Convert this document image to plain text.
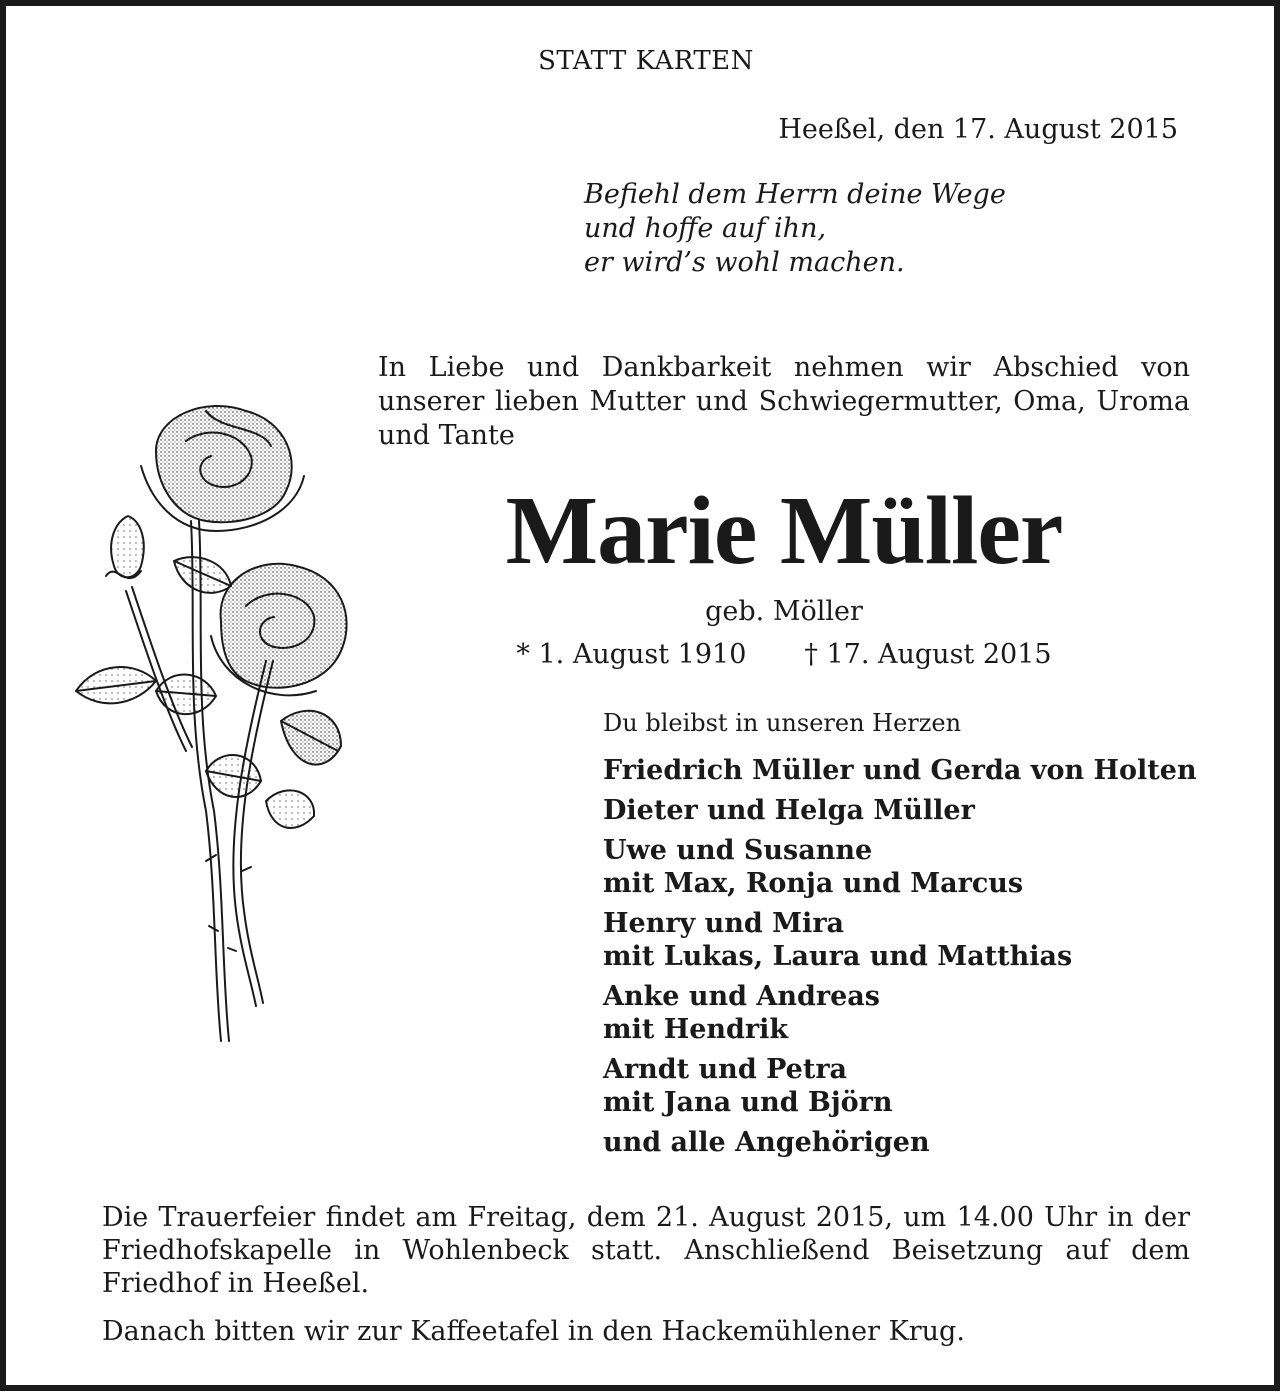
STATT KARTEN
Heeßel, den 17. August 2015
Befiehl dem Herrn deine Wege
und hoffe auf ihn,
er wird’s wohl machen.
In Liebe und Dankbarkeit nehmen wir Abschied von unserer lieben Mutter und Schwiegermutter, Oma, Uroma und Tante
Marie Müller
geb. Möller
* 1. August 1910 † 17. August 2015
Du bleibst in unseren Herzen
Friedrich Müller und Gerda von Holten
Dieter und Helga Müller
Uwe und Susanne
mit Max, Ronja und Marcus
Henry und Mira
mit Lukas, Laura und Matthias
Anke und Andreas
mit Hendrik
Arndt und Petra
mit Jana und Björn
und alle Angehörigen
Die Trauerfeier findet am Freitag, dem 21. August 2015, um 14.00 Uhr in der Friedhofskapelle in Wohlenbeck statt. Anschließend Beisetzung auf dem Friedhof in Heeßel.
Danach bitten wir zur Kaffeetafel in den Hackemühlener Krug.
